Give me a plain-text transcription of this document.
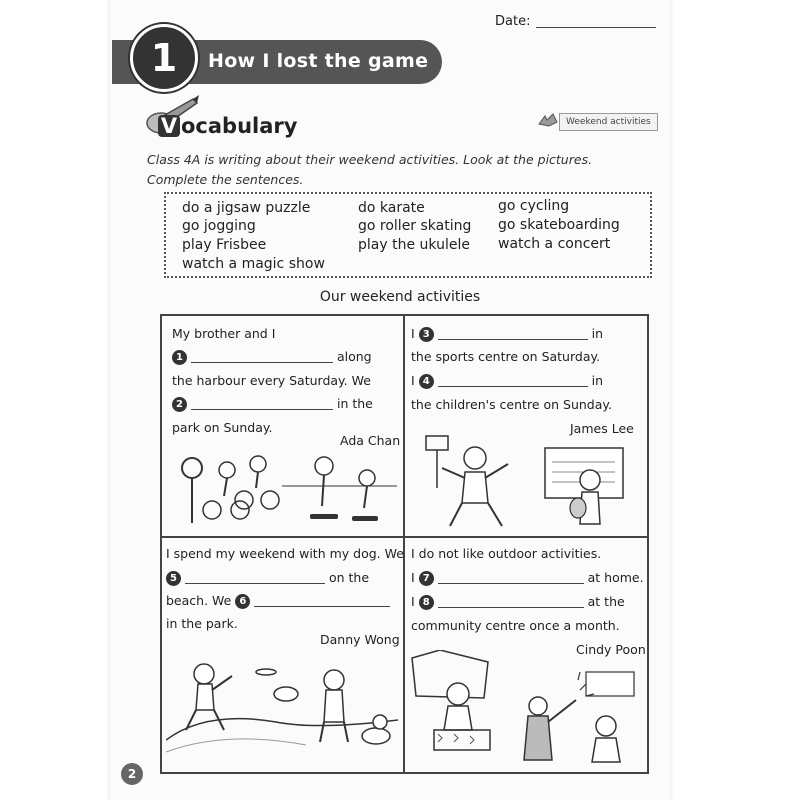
Date:
1	How I lost the game
V ocabulary	Weekend activities
Class 4A is writing about their weekend activities. Look at the pictures. Complete the sentences.
do a jigsaw puzzle
go jogging
play Frisbee
watch a magic show
do karate
go roller skating
play the ukulele
go cycling
go skateboarding
watch a concert
Our weekend activities
My brother and I
1	along
the harbour every Saturday. We
2	in the
park on Sunday.
Ada Chan
I 3	in
the sports centre on Saturday.
I 4	in
the children's centre on Sunday.
James Lee
I spend my weekend with my dog. We
5	on the
beach. We 6
in the park.
Danny Wong
I do not like outdoor activities.
I 7	at home.
I 8	at the
community centre once a month.
Cindy Poon
2
